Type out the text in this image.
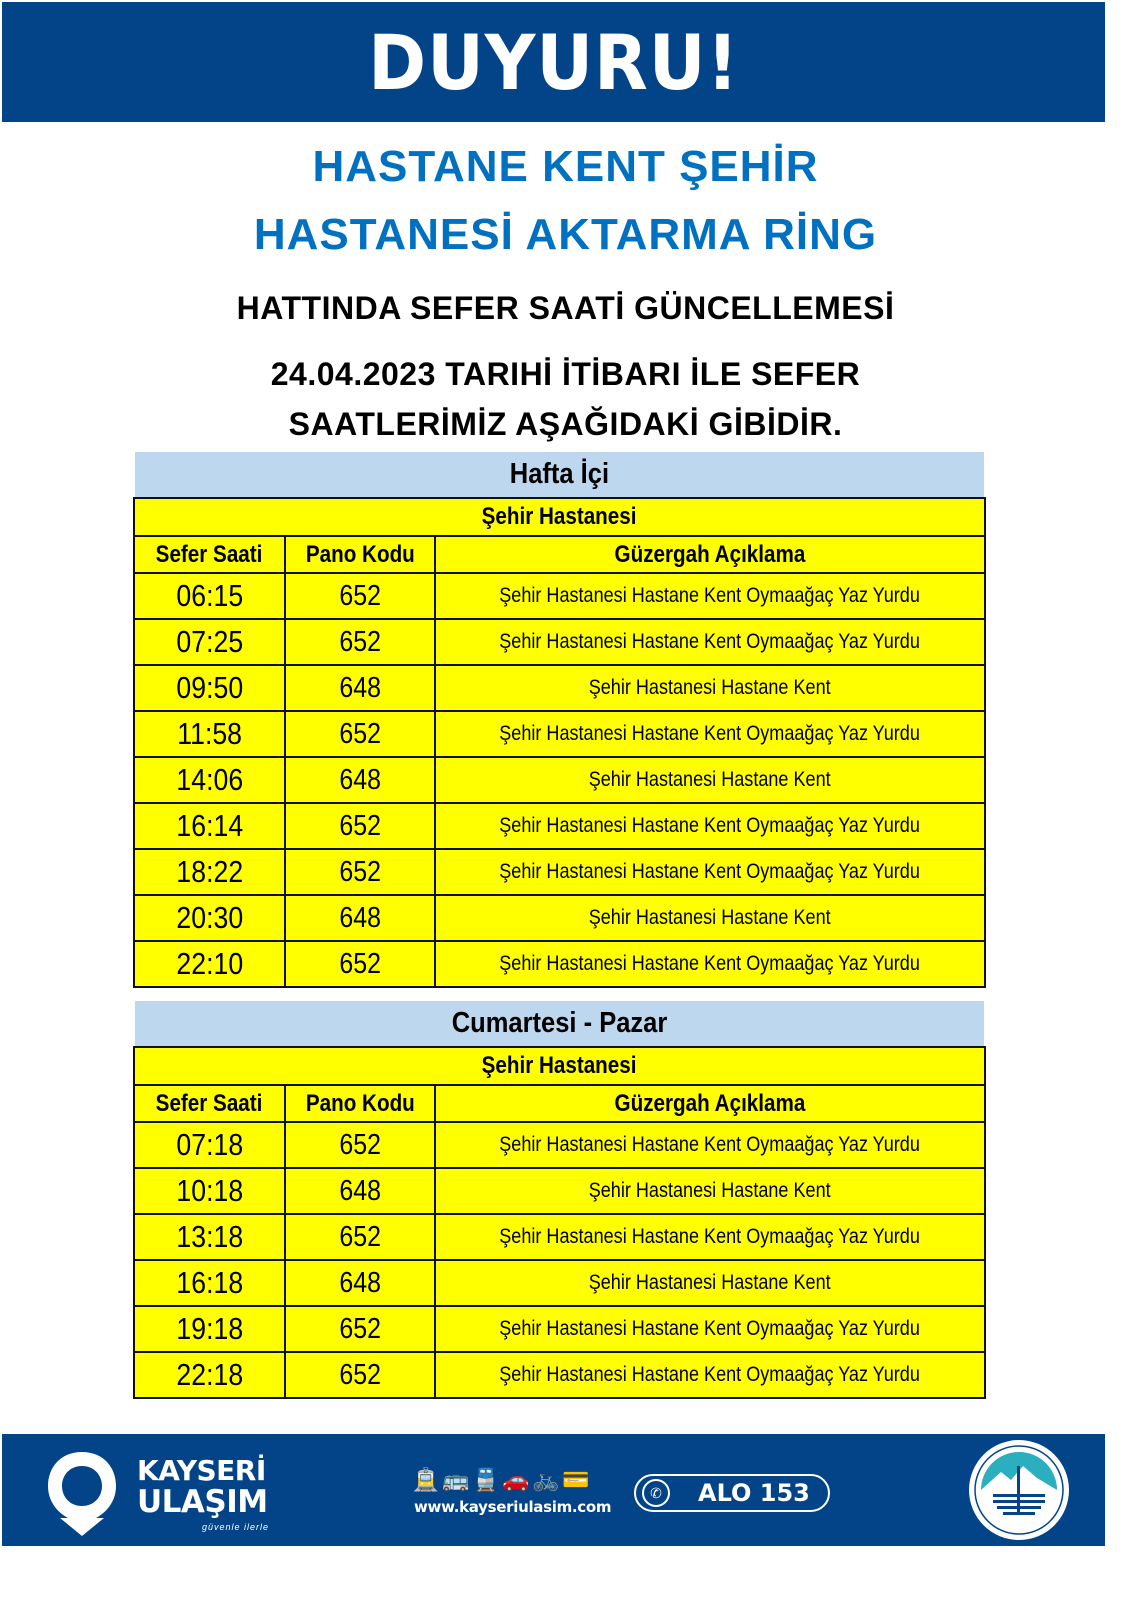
DUYURU!
HASTANE KENT ŞEHİR
HASTANESİ AKTARMA RİNG
HATTINDA SEFER SAATİ GÜNCELLEMESİ
24.04.2023 TARIHİ İTİBARI İLE SEFER
SAATLERİMİZ AŞAĞIDAKİ GİBİDİR.
Hafta İçi
Şehir Hastanesi		
Sefer Saati	Pano Kodu	Güzergah Açıklama
06:15	652	Şehir Hastanesi Hastane Kent Oymaağaç Yaz Yurdu
07:25	652	Şehir Hastanesi Hastane Kent Oymaağaç Yaz Yurdu
09:50	648	Şehir Hastanesi Hastane Kent
11:58	652	Şehir Hastanesi Hastane Kent Oymaağaç Yaz Yurdu
14:06	648	Şehir Hastanesi Hastane Kent
16:14	652	Şehir Hastanesi Hastane Kent Oymaağaç Yaz Yurdu
18:22	652	Şehir Hastanesi Hastane Kent Oymaağaç Yaz Yurdu
20:30	648	Şehir Hastanesi Hastane Kent
22:10	652	Şehir Hastanesi Hastane Kent Oymaağaç Yaz Yurdu
Cumartesi - Pazar
Şehir Hastanesi		
Sefer Saati	Pano Kodu	Güzergah Açıklama
07:18	652	Şehir Hastanesi Hastane Kent Oymaağaç Yaz Yurdu
10:18	648	Şehir Hastanesi Hastane Kent
13:18	652	Şehir Hastanesi Hastane Kent Oymaağaç Yaz Yurdu
16:18	648	Şehir Hastanesi Hastane Kent
19:18	652	Şehir Hastanesi Hastane Kent Oymaağaç Yaz Yurdu
22:18	652	Şehir Hastanesi Hastane Kent Oymaağaç Yaz Yurdu
KAYSERİ
ULAŞIM
güvenle ilerle
🚊 🚌 🚆 🚗 🚲 💳
www.kayseriulasim.com
✆	ALO 153
